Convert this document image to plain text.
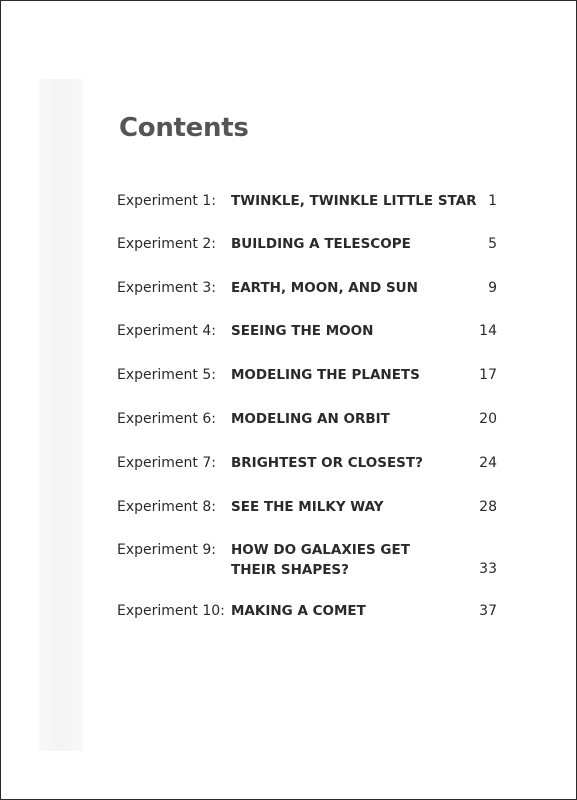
Contents
Experiment 1: TWINKLE, TWINKLE LITTLE STAR 1
Experiment 2: BUILDING A TELESCOPE	5
Experiment 3: EARTH, MOON, AND SUN	9
Experiment 4: SEEING THE MOON	14
Experiment 5: MODELING THE PLANETS	17
Experiment 6: MODELING AN ORBIT	20
Experiment 7: BRIGHTEST OR CLOSEST?	24
Experiment 8: SEE THE MILKY WAY	28
Experiment 9: HOW DO GALAXIES GET
THEIR SHAPES?	33
Experiment 10: MAKING A COMET	37
